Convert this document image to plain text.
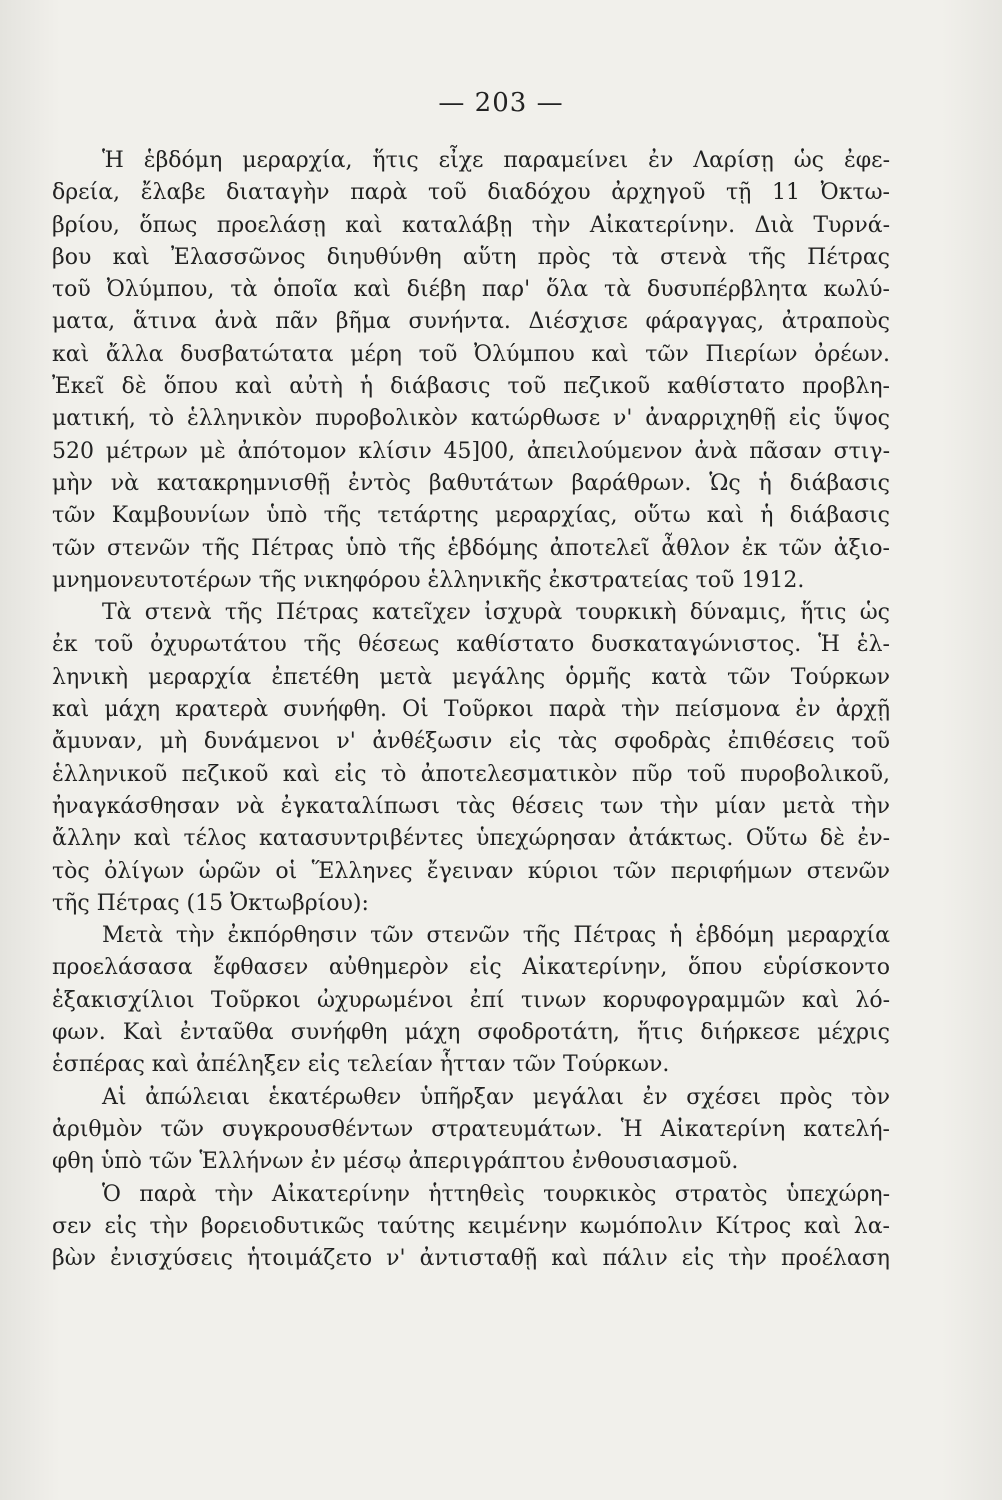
— 203 —
Ἡ ἑβδόμη μεραρχία, ἥτις εἶχε παραμείνει ἐν Λαρίσῃ ὡς ἐφε-
δρεία, ἔλαβε διαταγὴν παρὰ τοῦ διαδόχου ἀρχηγοῦ τῇ 11 Ὀκτω-
βρίου, ὅπως προελάσῃ καὶ καταλάβῃ τὴν Αἰκατερίνην. Διὰ Τυρνά-
βου καὶ Ἐλασσῶνος διηυθύνθη αὕτη πρὸς τὰ στενὰ τῆς Πέτρας
τοῦ Ὀλύμπου, τὰ ὁποῖα καὶ διέβη παρ' ὅλα τὰ δυσυπέρβλητα κωλύ-
ματα, ἅτινα ἀνὰ πᾶν βῆμα συνήντα. Διέσχισε φάραγγας, ἀτραποὺς
καὶ ἄλλα δυσβατώτατα μέρη τοῦ Ὀλύμπου καὶ τῶν Πιερίων ὀρέων.
Ἐκεῖ δὲ ὅπου καὶ αὐτὴ ἡ διάβασις τοῦ πεζικοῦ καθίστατο προβλη-
ματική, τὸ ἑλληνικὸν πυροβολικὸν κατώρθωσε ν' ἀναρριχηθῇ εἰς ὕψος
520 μέτρων μὲ ἀπότομον κλίσιν 45]00, ἀπειλούμενον ἀνὰ πᾶσαν στιγ-
μὴν νὰ κατακρημνισθῇ ἐντὸς βαθυτάτων βαράθρων. Ὡς ἡ διάβασις
τῶν Καμβουνίων ὑπὸ τῆς τετάρτης μεραρχίας, οὕτω καὶ ἡ διάβασις
τῶν στενῶν τῆς Πέτρας ὑπὸ τῆς ἑβδόμης ἀποτελεῖ ἆθλον ἐκ τῶν ἀξιο-
μνημονευτοτέρων τῆς νικηφόρου ἑλληνικῆς ἐκστρατείας τοῦ 1912.
Τὰ στενὰ τῆς Πέτρας κατεῖχεν ἰσχυρὰ τουρκικὴ δύναμις, ἥτις ὡς
ἐκ τοῦ ὀχυρωτάτου τῆς θέσεως καθίστατο δυσκαταγώνιστος. Ἡ ἑλ-
ληνικὴ μεραρχία ἐπετέθη μετὰ μεγάλης ὁρμῆς κατὰ τῶν Τούρκων
καὶ μάχη κρατερὰ συνήφθη. Οἱ Τοῦρκοι παρὰ τὴν πείσμονα ἐν ἀρχῇ
ἄμυναν, μὴ δυνάμενοι ν' ἀνθέξωσιν εἰς τὰς σφοδρὰς ἐπιθέσεις τοῦ
ἑλληνικοῦ πεζικοῦ καὶ εἰς τὸ ἀποτελεσματικὸν πῦρ τοῦ πυροβολικοῦ,
ἠναγκάσθησαν νὰ ἐγκαταλίπωσι τὰς θέσεις των τὴν μίαν μετὰ τὴν
ἄλλην καὶ τέλος κατασυντριβέντες ὑπεχώρησαν ἀτάκτως. Οὕτω δὲ ἐν-
τὸς ὀλίγων ὡρῶν οἱ Ἕλληνες ἔγειναν κύριοι τῶν περιφήμων στενῶν
τῆς Πέτρας (15 Ὀκτωβρίου):
Μετὰ τὴν ἐκπόρθησιν τῶν στενῶν τῆς Πέτρας ἡ ἑβδόμη μεραρχία
προελάσασα ἔφθασεν αὐθημερὸν εἰς Αἰκατερίνην, ὅπου εὑρίσκοντο
ἑξακισχίλιοι Τοῦρκοι ὠχυρωμένοι ἐπί τινων κορυφογραμμῶν καὶ λό-
φων. Καὶ ἐνταῦθα συνήφθη μάχη σφοδροτάτη, ἥτις διήρκεσε μέχρις
ἑσπέρας καὶ ἀπέληξεν εἰς τελείαν ἧτταν τῶν Τούρκων.
Αἱ ἀπώλειαι ἑκατέρωθεν ὑπῆρξαν μεγάλαι ἐν σχέσει πρὸς τὸν
ἀριθμὸν τῶν συγκρουσθέντων στρατευμάτων. Ἡ Αἰκατερίνη κατελή-
φθη ὑπὸ τῶν Ἑλλήνων ἐν μέσῳ ἀπεριγράπτου ἐνθουσιασμοῦ.
Ὁ παρὰ τὴν Αἰκατερίνην ἡττηθεὶς τουρκικὸς στρατὸς ὑπεχώρη-
σεν εἰς τὴν βορειοδυτικῶς ταύτης κειμένην κωμόπολιν Κίτρος καὶ λα-
βὼν ἐνισχύσεις ἡτοιμάζετο ν' ἀντισταθῇ καὶ πάλιν εἰς τὴν προέλαση
